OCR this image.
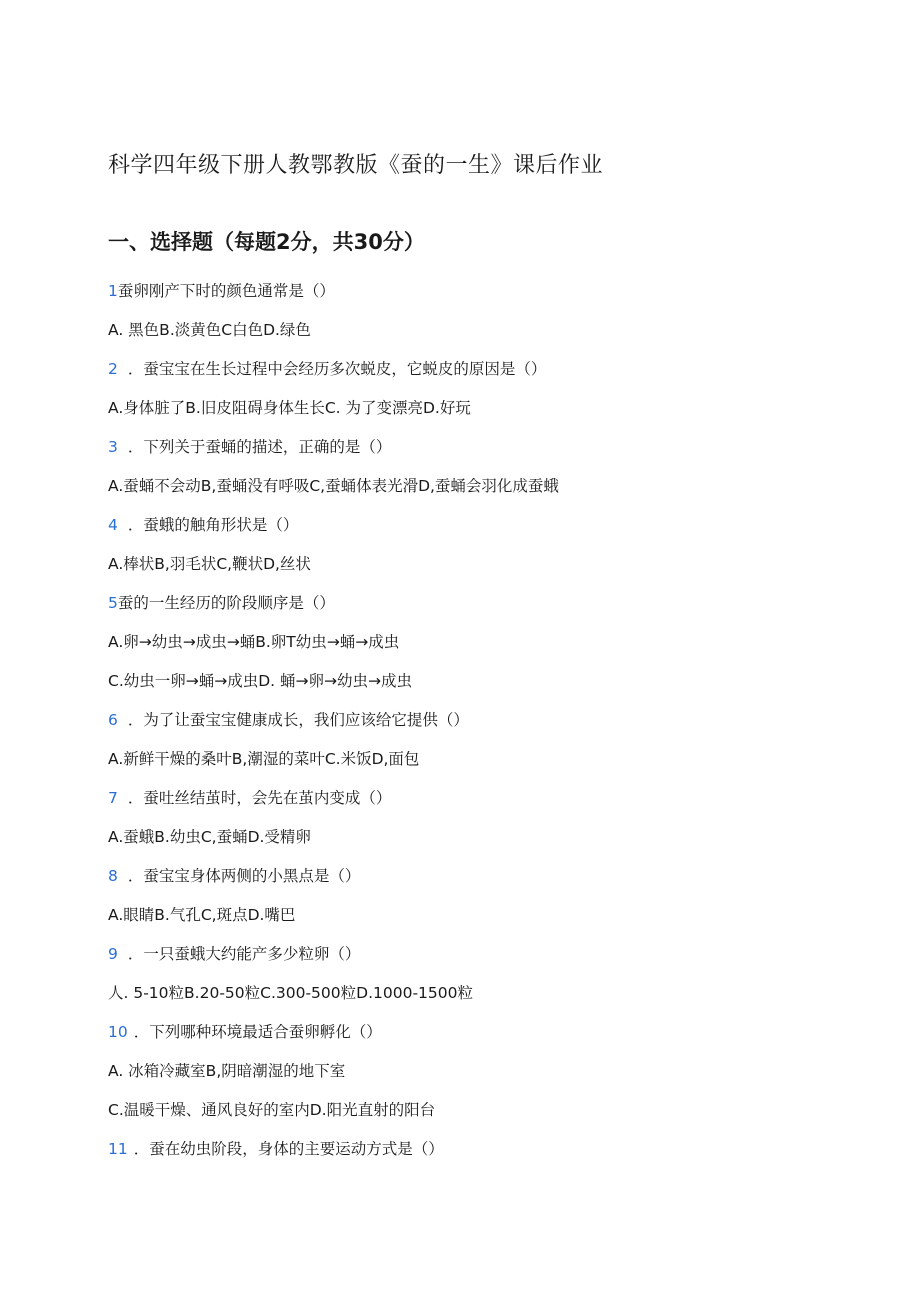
科学四年级下册人教鄂教版《蚕的一生》课后作业
一、选择题（每题2分，共30分）
1蚕卵刚产下时的颜色通常是（）
A. 黑色B.淡黄色C白色D.绿色
2 ．蚕宝宝在生长过程中会经历多次蜕皮，它蜕皮的原因是（）
A.身体脏了B.旧皮阻碍身体生长C. 为了变漂亮D.好玩
3 ．下列关于蚕蛹的描述，正确的是（）
A.蚕蛹不会动B,蚕蛹没有呼吸C,蚕蛹体表光滑D,蚕蛹会羽化成蚕蛾
4 ．蚕蛾的触角形状是（）
A.棒状B,羽毛状C,鞭状D,丝状
5蚕的一生经历的阶段顺序是（）
A.卵→幼虫→成虫→蛹B.卵T幼虫→蛹→成虫
C.幼虫一卵→蛹→成虫D. 蛹→卵→幼虫→成虫
6 ．为了让蚕宝宝健康成长，我们应该给它提供（）
A.新鲜干燥的桑叶B,潮湿的菜叶C.米饭D,面包
7 ．蚕吐丝结茧时，会先在茧内变成（）
A.蚕蛾B.幼虫C,蚕蛹D.受精卵
8 ．蚕宝宝身体两侧的小黑点是（）
A.眼睛B.气孔C,斑点D.嘴巴
9 ．一只蚕蛾大约能产多少粒卵（）
人. 5-10粒B.20-50粒C.300-500粒D.1000-1500粒
10 ．下列哪种环境最适合蚕卵孵化（）
A. 冰箱冷藏室B,阴暗潮湿的地下室
C.温暖干燥、通风良好的室内D.阳光直射的阳台
11 ．蚕在幼虫阶段，身体的主要运动方式是（）
